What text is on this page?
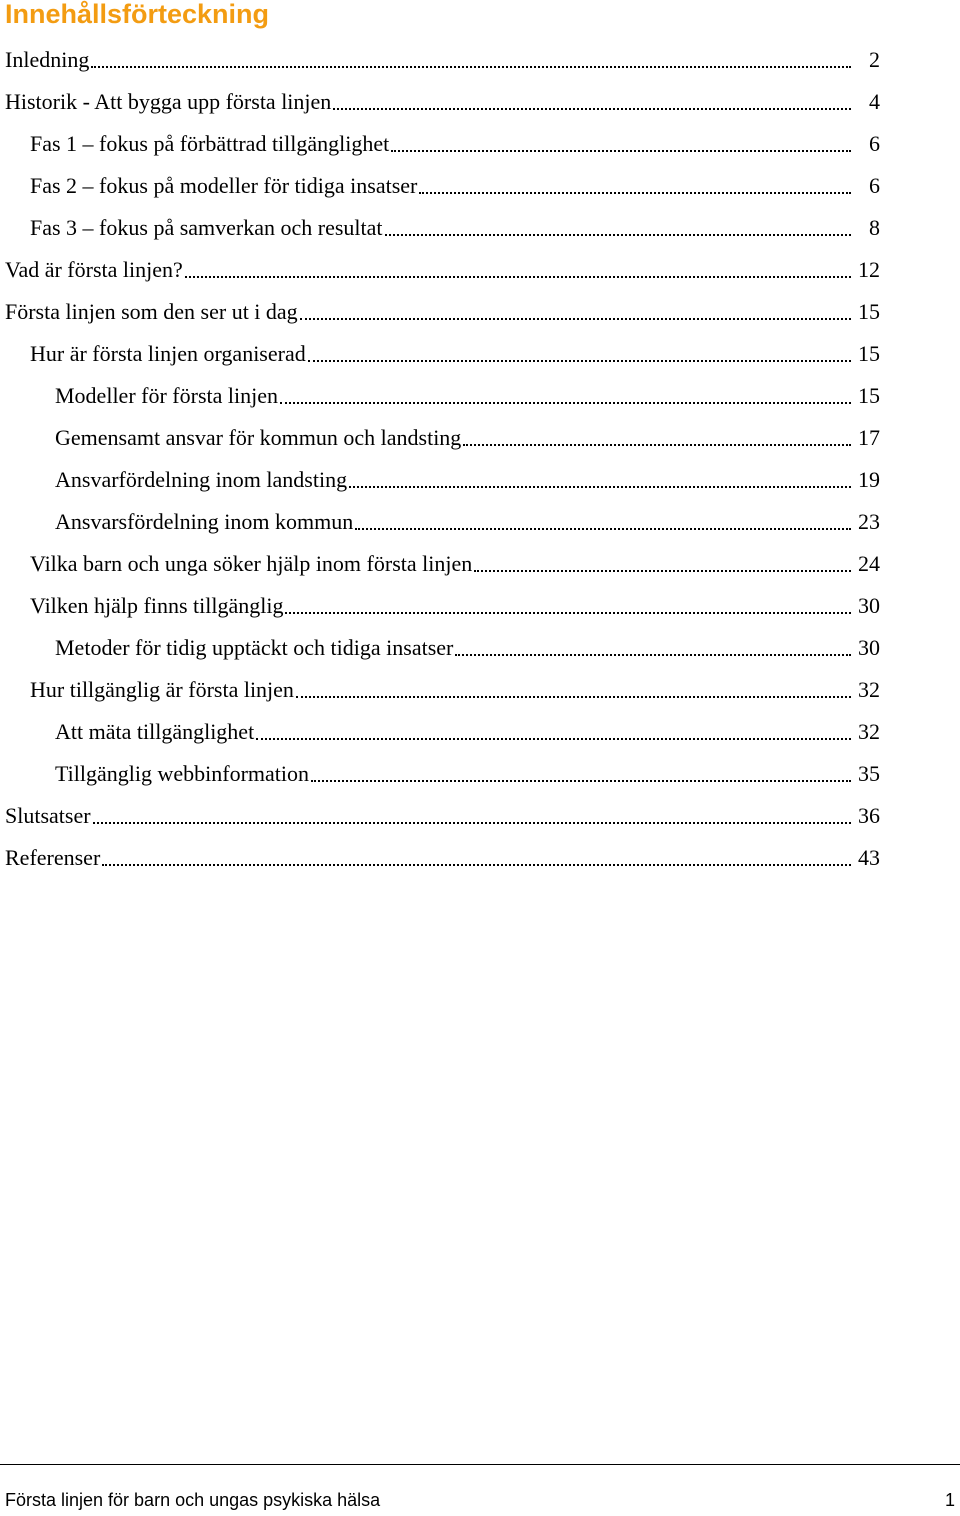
Innehållsförteckning
Inledning	2
Historik - Att bygga upp första linjen	4
Fas 1 – fokus på förbättrad tillgänglighet	6
Fas 2 – fokus på modeller för tidiga insatser	6
Fas 3 – fokus på samverkan och resultat	8
Vad är första linjen?	12
Första linjen som den ser ut i dag	15
Hur är första linjen organiserad	15
Modeller för första linjen	15
Gemensamt ansvar för kommun och landsting	17
Ansvarfördelning inom landsting	19
Ansvarsfördelning inom kommun	23
Vilka barn och unga söker hjälp inom första linjen	24
Vilken hjälp finns tillgänglig	30
Metoder för tidig upptäckt och tidiga insatser	30
Hur tillgänglig är första linjen	32
Att mäta tillgänglighet	32
Tillgänglig webbinformation	35
Slutsatser	36
Referenser	43
Första linjen för barn och ungas psykiska hälsa	1
